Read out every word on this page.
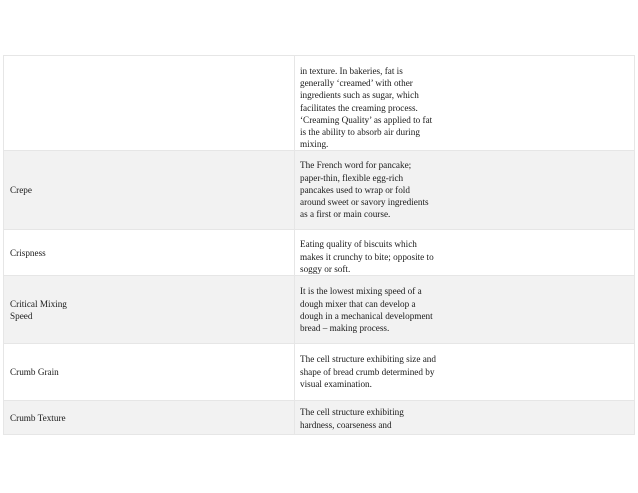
	in texture. In bakeries, fat is generally ‘creamed’ with other ingredients such as sugar, which facilitates the creaming process. ‘Creaming Quality’ as applied to fat is the ability to absorb air during mixing.

Crepe	The French word for pancake; paper-thin, flexible egg-rich pancakes used to wrap or fold around sweet or savory ingredients as a first or main course.

Crispness	Eating quality of biscuits which makes it crunchy to bite; opposite to soggy or soft.

Critical Mixing Speed	It is the lowest mixing speed of a dough mixer that can develop a dough in a mechanical development bread – making process.

Crumb Grain	The cell structure exhibiting size and shape of bread crumb determined by visual examination.

Crumb Texture	The cell structure exhibiting hardness, coarseness and
